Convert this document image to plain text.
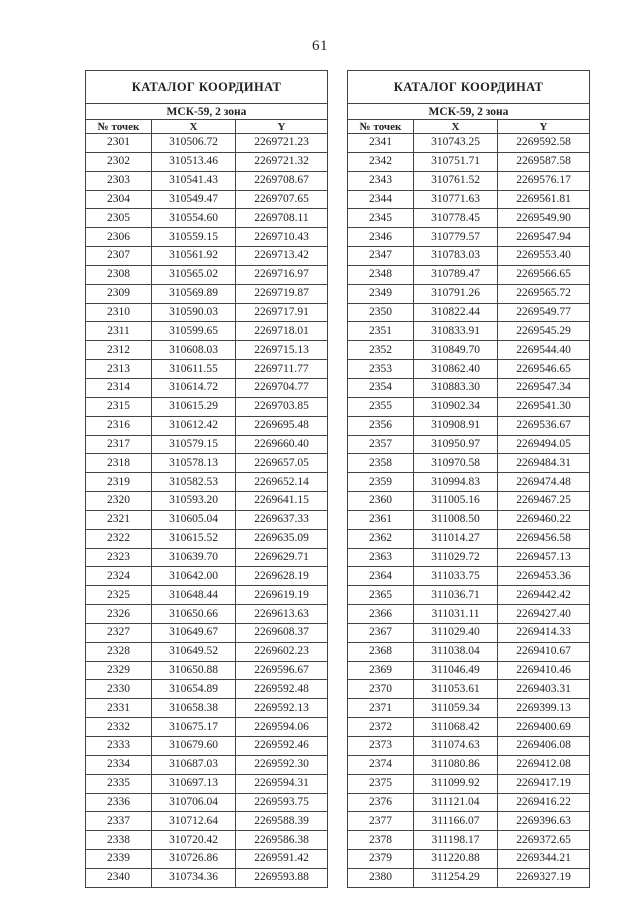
61
КАТАЛОГ КООРДИНАТ		
МСК-59, 2 зона		
№ точек	X	Y
2301	310506.72	2269721.23
2302	310513.46	2269721.32
2303	310541.43	2269708.67
2304	310549.47	2269707.65
2305	310554.60	2269708.11
2306	310559.15	2269710.43
2307	310561.92	2269713.42
2308	310565.02	2269716.97
2309	310569.89	2269719.87
2310	310590.03	2269717.91
2311	310599.65	2269718.01
2312	310608.03	2269715.13
2313	310611.55	2269711.77
2314	310614.72	2269704.77
2315	310615.29	2269703.85
2316	310612.42	2269695.48
2317	310579.15	2269660.40
2318	310578.13	2269657.05
2319	310582.53	2269652.14
2320	310593.20	2269641.15
2321	310605.04	2269637.33
2322	310615.52	2269635.09
2323	310639.70	2269629.71
2324	310642.00	2269628.19
2325	310648.44	2269619.19
2326	310650.66	2269613.63
2327	310649.67	2269608.37
2328	310649.52	2269602.23
2329	310650.88	2269596.67
2330	310654.89	2269592.48
2331	310658.38	2269592.13
2332	310675.17	2269594.06
2333	310679.60	2269592.46
2334	310687.03	2269592.30
2335	310697.13	2269594.31
2336	310706.04	2269593.75
2337	310712.64	2269588.39
2338	310720.42	2269586.38
2339	310726.86	2269591.42
2340	310734.36	2269593.88
КАТАЛОГ КООРДИНАТ		
МСК-59, 2 зона		
№ точек	X	Y
2341	310743.25	2269592.58
2342	310751.71	2269587.58
2343	310761.52	2269576.17
2344	310771.63	2269561.81
2345	310778.45	2269549.90
2346	310779.57	2269547.94
2347	310783.03	2269553.40
2348	310789.47	2269566.65
2349	310791.26	2269565.72
2350	310822.44	2269549.77
2351	310833.91	2269545.29
2352	310849.70	2269544.40
2353	310862.40	2269546.65
2354	310883.30	2269547.34
2355	310902.34	2269541.30
2356	310908.91	2269536.67
2357	310950.97	2269494.05
2358	310970.58	2269484.31
2359	310994.83	2269474.48
2360	311005.16	2269467.25
2361	311008.50	2269460.22
2362	311014.27	2269456.58
2363	311029.72	2269457.13
2364	311033.75	2269453.36
2365	311036.71	2269442.42
2366	311031.11	2269427.40
2367	311029.40	2269414.33
2368	311038.04	2269410.67
2369	311046.49	2269410.46
2370	311053.61	2269403.31
2371	311059.34	2269399.13
2372	311068.42	2269400.69
2373	311074.63	2269406.08
2374	311080.86	2269412.08
2375	311099.92	2269417.19
2376	311121.04	2269416.22
2377	311166.07	2269396.63
2378	311198.17	2269372.65
2379	311220.88	2269344.21
2380	311254.29	2269327.19
